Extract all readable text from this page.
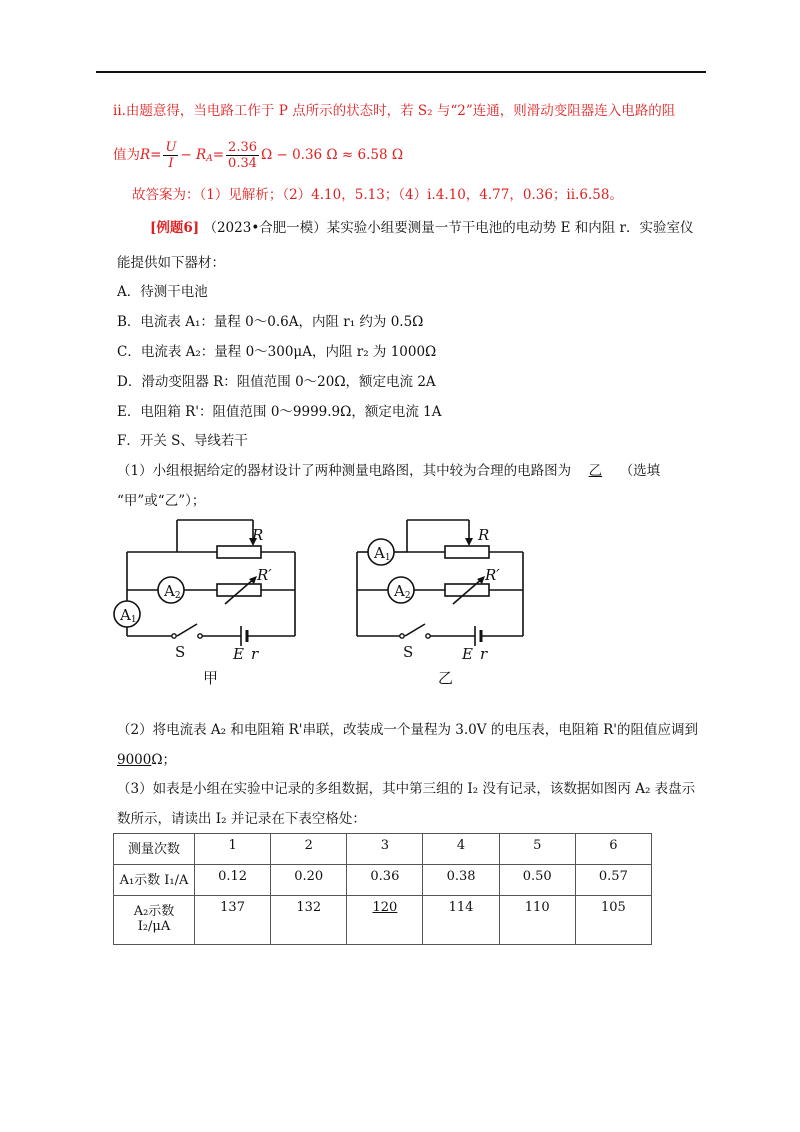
ii.由题意得，当电路工作于 P 点所示的状态时，若 S₂ 与“2”连通，则滑动变阻器连入电路的阻
值为$R= \frac{U}{I} - R_A= \frac{2.36}{0.34}$ Ω − 0.36 Ω ≈ 6.58 Ω
故答案为：（1）见解析；（2）4.10，5.13；（4）i.4.10，4.77，0.36；ii.6.58。
[例题6] （2023•合肥一模）某实验小组要测量一节干电池的电动势 E 和内阻 r．实验室仪
能提供如下器材：
A．待测干电池
B．电流表 A₁：量程 0～0.6A，内阻 r₁ 约为 0.5Ω
C．电流表 A₂：量程 0～300μA，内阻 r₂ 为 1000Ω
D．滑动变阻器 R：阻值范围 0～20Ω，额定电流 2A
E．电阻箱 R'：阻值范围 0～9999.9Ω，额定电流 1A
F．开关 S、导线若干
（1）小组根据给定的器材设计了两种测量电路图，其中较为合理的电路图为 乙 （选填
“甲”或“乙”）；
R
R′
$A_2$
$A_1$
S	E r
甲
R
R′
$A_1$
$A_2$
S	E r
乙
（2）将电流表 A₂ 和电阻箱 R'串联，改装成一个量程为 3.0V 的电压表，电阻箱 R'的阻值应调到
9000Ω；
（3）如表是小组在实验中记录的多组数据，其中第三组的 I₂ 没有记录，该数据如图丙 A₂ 表盘示
数所示，请读出 I₂ 并记录在下表空格处：
测量次数	1	2	3	4	5	6
A₁示数 I₁/A	0.12	0.20	0.36	0.38	0.50	0.57
A₂示数
I₂/μA	137	132	120	114	110	105
